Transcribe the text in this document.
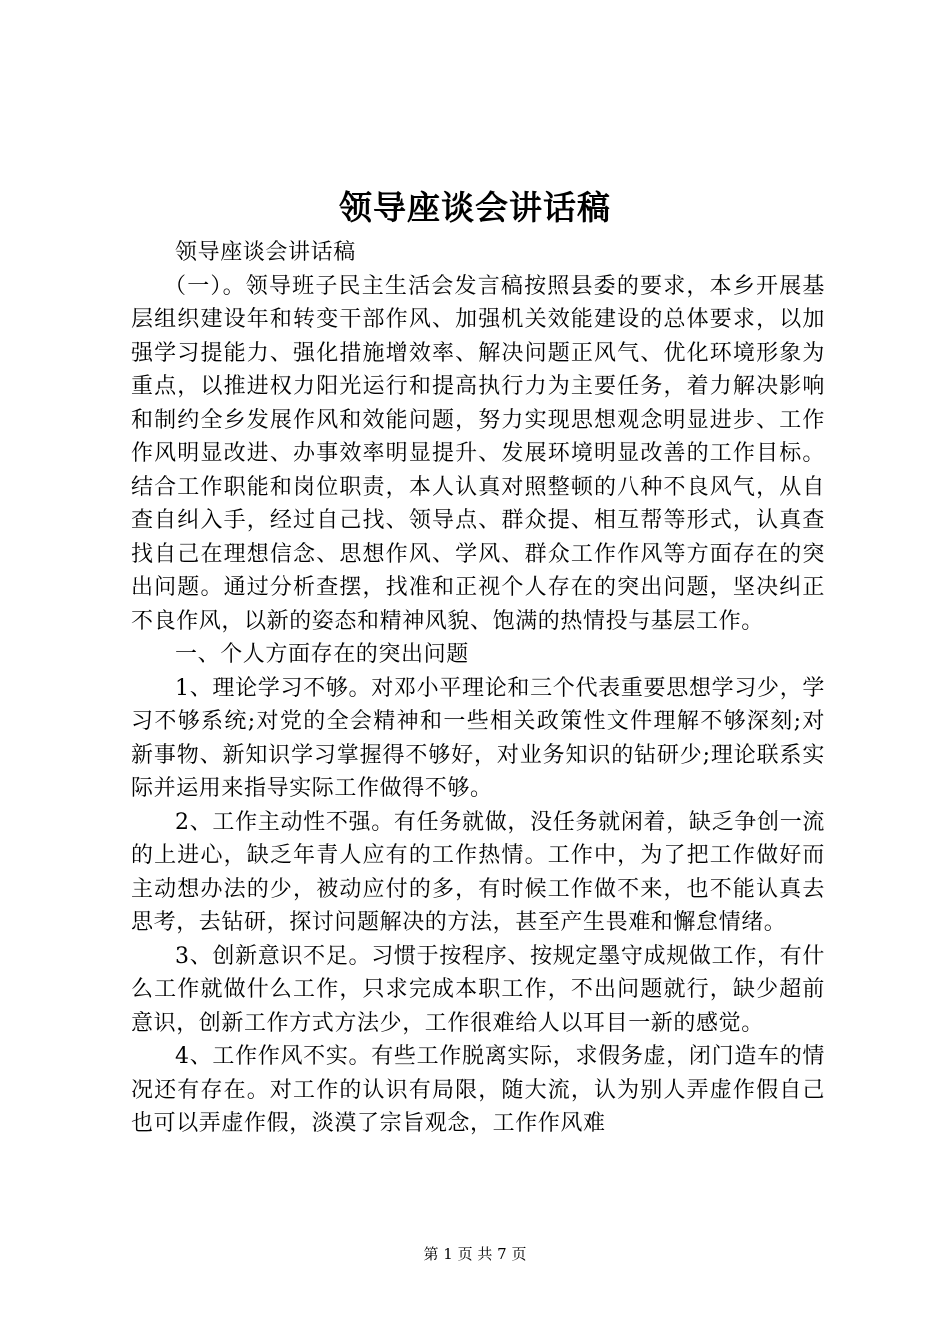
领导座谈会讲话稿

领导座谈会讲话稿

（一）。领导班子民主生活会发言稿按照县委的要求，本乡开展基层组织建设年和转变干部作风、加强机关效能建设的总体要求，以加强学习提能力、强化措施增效率、解决问题正风气、优化环境形象为重点，以推进权力阳光运行和提高执行力为主要任务，着力解决影响和制约全乡发展作风和效能问题，努力实现思想观念明显进步、工作作风明显改进、办事效率明显提升、发展环境明显改善的工作目标。结合工作职能和岗位职责，本人认真对照整顿的八种不良风气，从自查自纠入手，经过自己找、领导点、群众提、相互帮等形式，认真查找自己在理想信念、思想作风、学风、群众工作作风等方面存在的突出问题。通过分析查摆，找准和正视个人存在的突出问题，坚决纠正不良作风，以新的姿态和精神风貌、饱满的热情投与基层工作。

一、个人方面存在的突出问题

1、理论学习不够。对邓小平理论和三个代表重要思想学习少，学习不够系统;对党的全会精神和一些相关政策性文件理解不够深刻;对新事物、新知识学习掌握得不够好，对业务知识的钻研少;理论联系实际并运用来指导实际工作做得不够。

2、工作主动性不强。有任务就做，没任务就闲着，缺乏争创一流的上进心，缺乏年青人应有的工作热情。工作中，为了把工作做好而主动想办法的少，被动应付的多，有时候工作做不来，也不能认真去思考，去钻研，探讨问题解决的方法，甚至产生畏难和懈怠情绪。

3、创新意识不足。习惯于按程序、按规定墨守成规做工作，有什么工作就做什么工作，只求完成本职工作，不出问题就行，缺少超前意识，创新工作方式方法少，工作很难给人以耳目一新的感觉。

4、工作作风不实。有些工作脱离实际，求假务虚，闭门造车的情况还有存在。对工作的认识有局限，随大流，认为别人弄虚作假自己也可以弄虚作假，淡漠了宗旨观念，工作作风难

第 1 页 共 7 页
